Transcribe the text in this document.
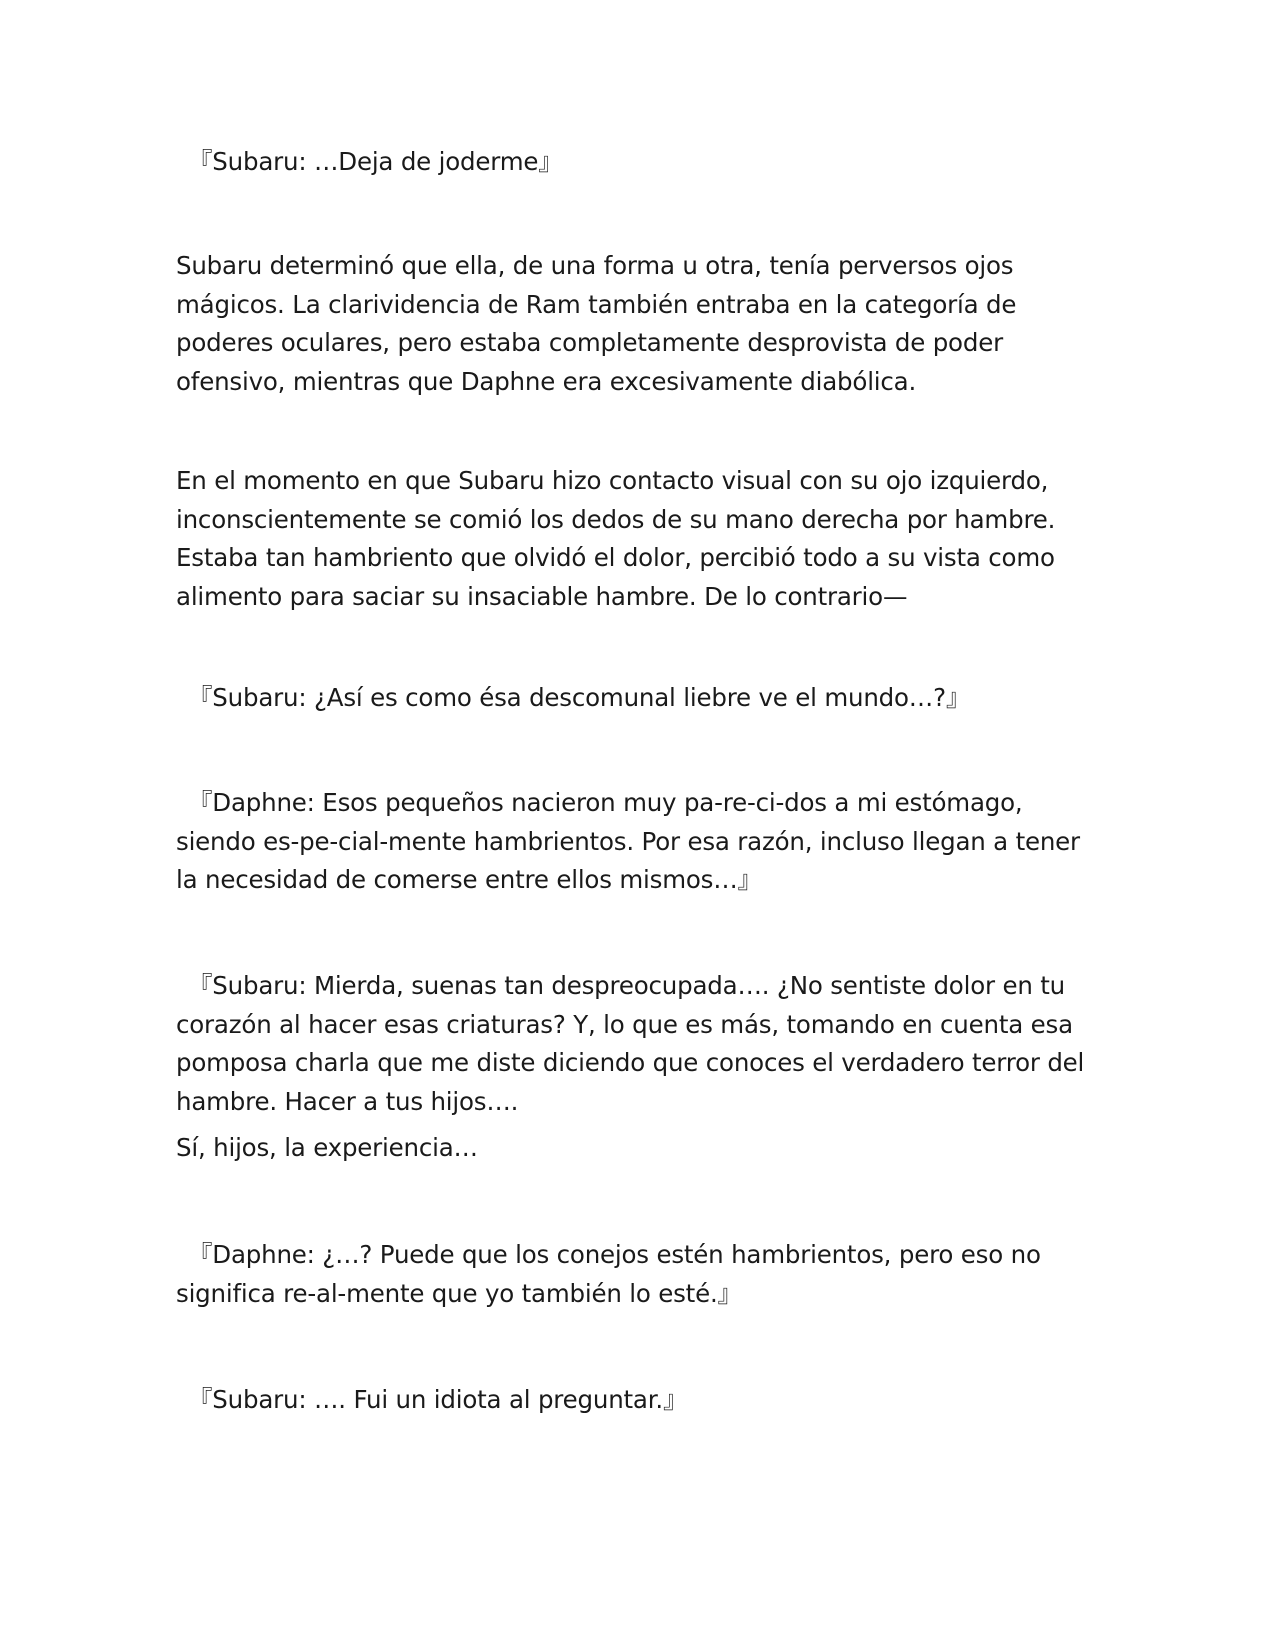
『Subaru: …Deja de joderme』

Subaru determinó que ella, de una forma u otra, tenía perversos ojos mágicos. La clarividencia de Ram también entraba en la categoría de poderes oculares, pero estaba completamente desprovista de poder ofensivo, mientras que Daphne era excesivamente diabólica.

En el momento en que Subaru hizo contacto visual con su ojo izquierdo, inconscientemente se comió los dedos de su mano derecha por hambre. Estaba tan hambriento que olvidó el dolor, percibió todo a su vista como alimento para saciar su insaciable hambre. De lo contrario—

『Subaru: ¿Así es como ésa descomunal liebre ve el mundo…?』

『Daphne: Esos pequeños nacieron muy pa-re-ci-dos a mi estómago, siendo es-pe-cial-mente hambrientos. Por esa razón, incluso llegan a tener la necesidad de comerse entre ellos mismos…』

『Subaru: Mierda, suenas tan despreocupada…. ¿No sentiste dolor en tu corazón al hacer esas criaturas? Y, lo que es más, tomando en cuenta esa pomposa charla que me diste diciendo que conoces el verdadero terror del hambre. Hacer a tus hijos….

Sí, hijos, la experiencia…

『Daphne: ¿…? Puede que los conejos estén hambrientos, pero eso no significa re-al-mente que yo también lo esté.』

『Subaru: …. Fui un idiota al preguntar.』
